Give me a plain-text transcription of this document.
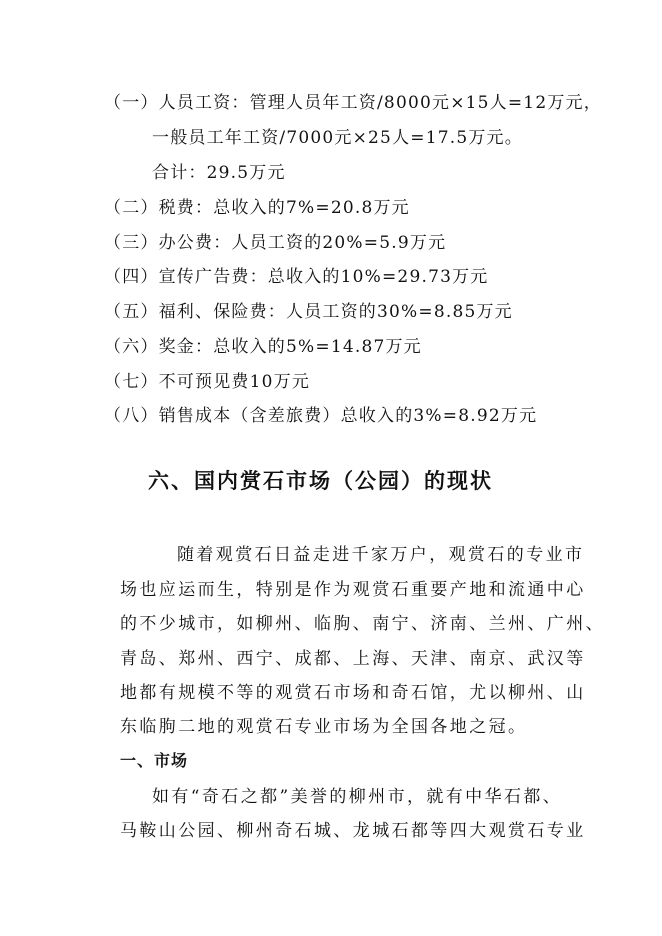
（一）人员工资：管理人员年工资/8000元×15人=12万元，
一般员工年工资/7000元×25人=17.5万元。
合计：29.5万元
（二）税费：总收入的7%=20.8万元
（三）办公费：人员工资的20%=5.9万元
（四）宣传广告费：总收入的10%=29.73万元
（五）福利、保险费：人员工资的30%=8.85万元
（六）奖金：总收入的5%=14.87万元
（七）不可预见费10万元
（八）销售成本（含差旅费）总收入的3%=8.92万元
六、国内赏石市场（公园）的现状
随着观赏石日益走进千家万户，观赏石的专业市
场也应运而生，特别是作为观赏石重要产地和流通中心
的不少城市，如柳州、临朐、南宁、济南、兰州、广州、
青岛、郑州、西宁、成都、上海、天津、南京、武汉等
地都有规模不等的观赏石市场和奇石馆，尤以柳州、山
东临朐二地的观赏石专业市场为全国各地之冠。
一、市场
如有“奇石之都”美誉的柳州市，就有中华石都、
马鞍山公园、柳州奇石城、龙城石都等四大观赏石专业
